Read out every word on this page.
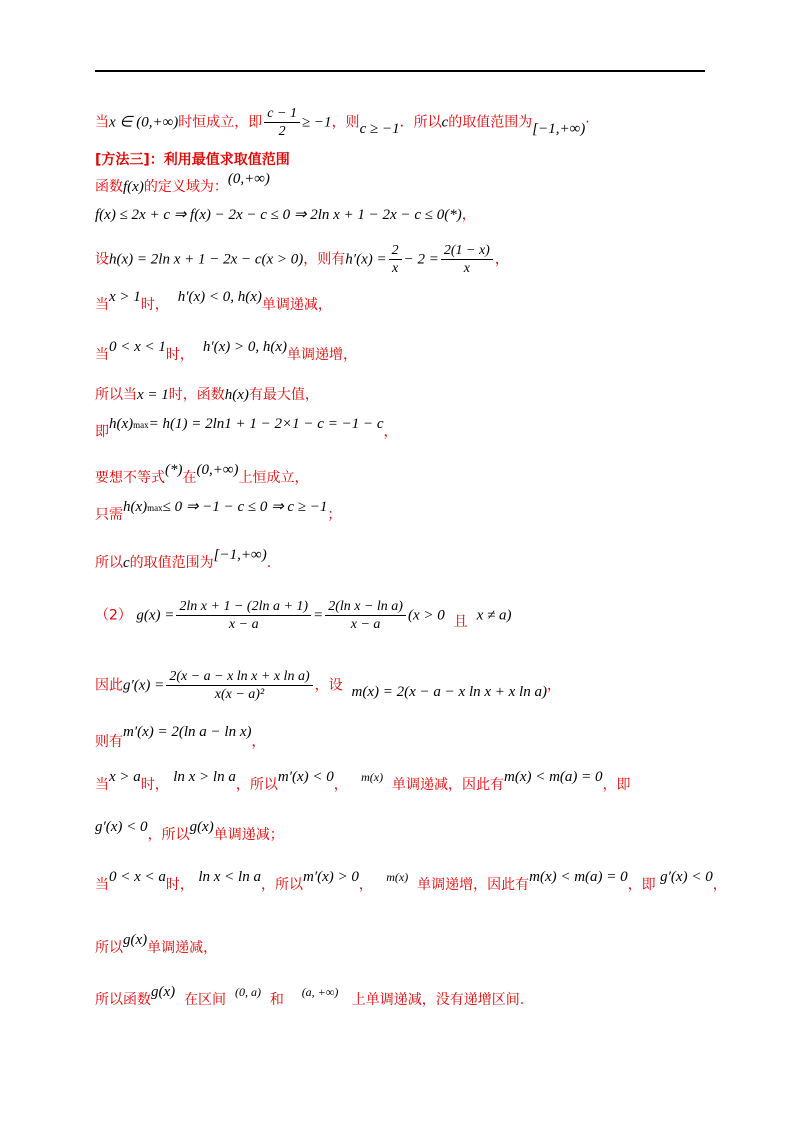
当x ∈ (0,+∞)时恒成立，即 $\frac{c - 1}{2} \ge -1$，则c ≥ −1．所以c的取值范围为[−1,+∞)·
[方法三]：利用最值求取值范围
函数f(x)的定义域为：(0,+∞)
f(x) ≤ 2x + c ⇒ f(x) − 2x − c ≤ 0 ⇒ 2ln x + 1 − 2x − c ≤ 0(*)，
设h(x) = 2ln x + 1 − 2x − c(x > 0)，则有$h'(x) = \frac{2}{x} - 2 = \frac{2(1 - x)}{x}$ ，
当x > 1时， h′(x) < 0, h(x)单调递减，
当0 < x < 1时， h′(x) > 0, h(x)单调递增，
所以当x = 1时，函数h(x)有最大值，
即$h(x)^{max}= h(1) = 2\ln 1 + 1 - 2\times 1 - c = -1 - c$，
要想不等式(*)在(0,+∞)上恒成立，
只需$h(x)^{max}\le 0$ ⇒ −1 − c ≤ 0 ⇒ c ≥ −1；
所以c的取值范围为[−1,+∞).
（2） $g(x) = \frac{\text{2ln x + 1 − (2ln a + 1)}}{x - a} = \frac{\text{2(ln x − ln a)}}{x - a} (x > 0$ 且 x ≠ a)
因此$g'(x) = \frac{\text{2(x − a − x ln x + x ln a)}}{\text{x(x − a)²}}$ ，设 m(x) = 2(x − a − x ln x + x ln a)，
则有m′(x) = 2(ln a − ln x)，
当x > a时， ln x > ln a，所以m′(x) < 0， m(x) 单调递减，因此有m(x) < m(a) = 0，即
g′(x) < 0，所以g(x)单调递减；
当0 < x < a时， ln x < ln a，所以m′(x) > 0， m(x) 单调递增，因此有m(x) < m(a) = 0，即 g′(x) < 0，
所以g(x)单调递减，
所以函数g(x) 在区间 (0, a) 和 (a, +∞) 上单调递减，没有递增区间.
